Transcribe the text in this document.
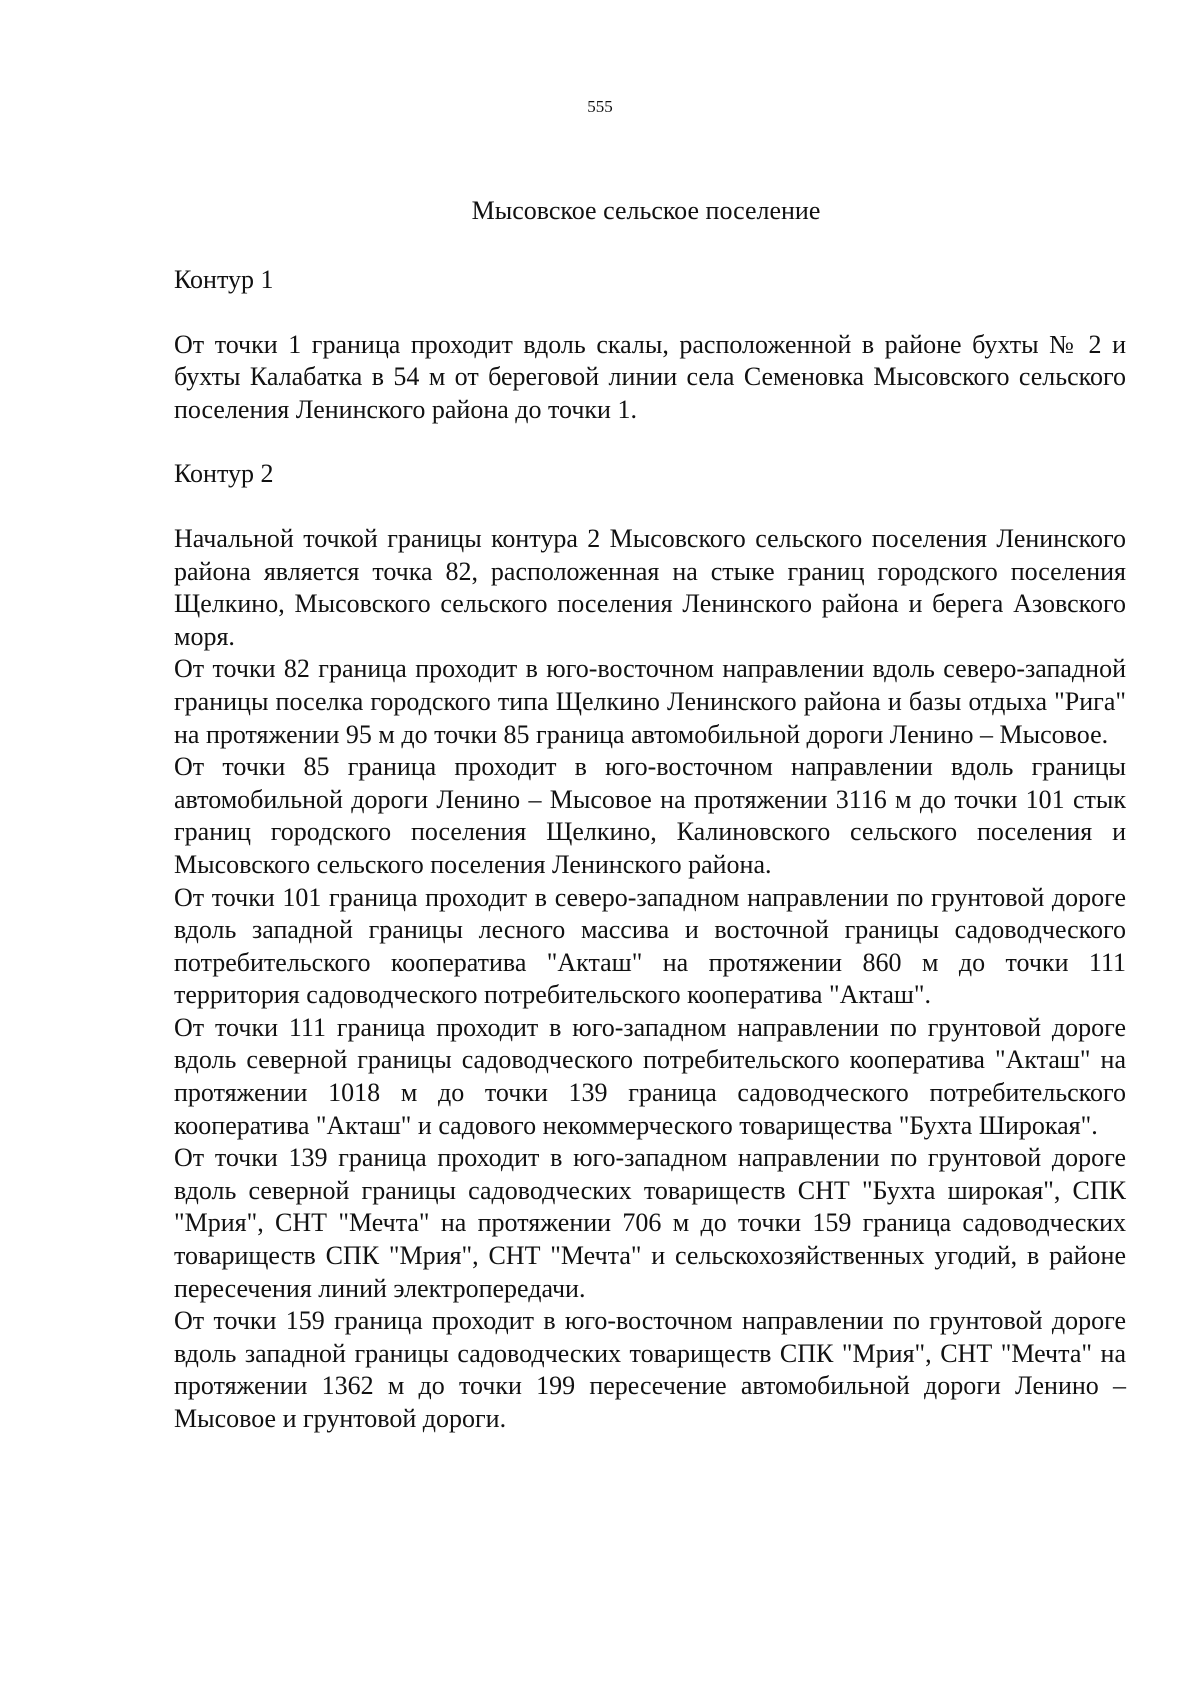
555
Мысовское сельское поселение

Контур 1

От точки 1 граница проходит вдоль скалы, расположенной в районе бухты № 2 и бухты Калабатка в 54 м от береговой линии села Семеновка Мысовского сельского поселения Ленинского района до точки 1.

Контур 2

Начальной точкой границы контура 2 Мысовского сельского поселения Ленинского района является точка 82, расположенная на стыке границ городского поселения Щелкино, Мысовского сельского поселения Ленинского района и берега Азовского моря.

От точки 82 граница проходит в юго-восточном направлении вдоль северо-западной границы поселка городского типа Щелкино Ленинского района и базы отдыха "Рига" на протяжении 95 м до точки 85 граница автомобильной дороги Ленино – Мысовое.

От точки 85 граница проходит в юго-восточном направлении вдоль границы автомобильной дороги Ленино – Мысовое на протяжении 3116 м до точки 101 стык границ городского поселения Щелкино, Калиновского сельского поселения и Мысовского сельского поселения Ленинского района.

От точки 101 граница проходит в северо-западном направлении по грунтовой дороге вдоль западной границы лесного массива и восточной границы садоводческого потребительского кооператива "Акташ" на протяжении 860 м до точки 111 территория садоводческого потребительского кооператива "Акташ".

От точки 111 граница проходит в юго-западном направлении по грунтовой дороге вдоль северной границы садоводческого потребительского кооператива "Акташ" на протяжении 1018 м до точки 139 граница садоводческого потребительского кооператива "Акташ" и садового некоммерческого товарищества "Бухта Широкая".

От точки 139 граница проходит в юго-западном направлении по грунтовой дороге вдоль северной границы садоводческих товариществ СНТ "Бухта широкая", СПК "Мрия", СНТ "Мечта" на протяжении 706 м до точки 159 граница садоводческих товариществ СПК "Мрия", СНТ "Мечта" и сельскохозяйственных угодий, в районе пересечения линий электропередачи.

От точки 159 граница проходит в юго-восточном направлении по грунтовой дороге вдоль западной границы садоводческих товариществ СПК "Мрия", СНТ "Мечта" на протяжении 1362 м до точки 199 пересечение автомобильной дороги Ленино – Мысовое и грунтовой дороги.
